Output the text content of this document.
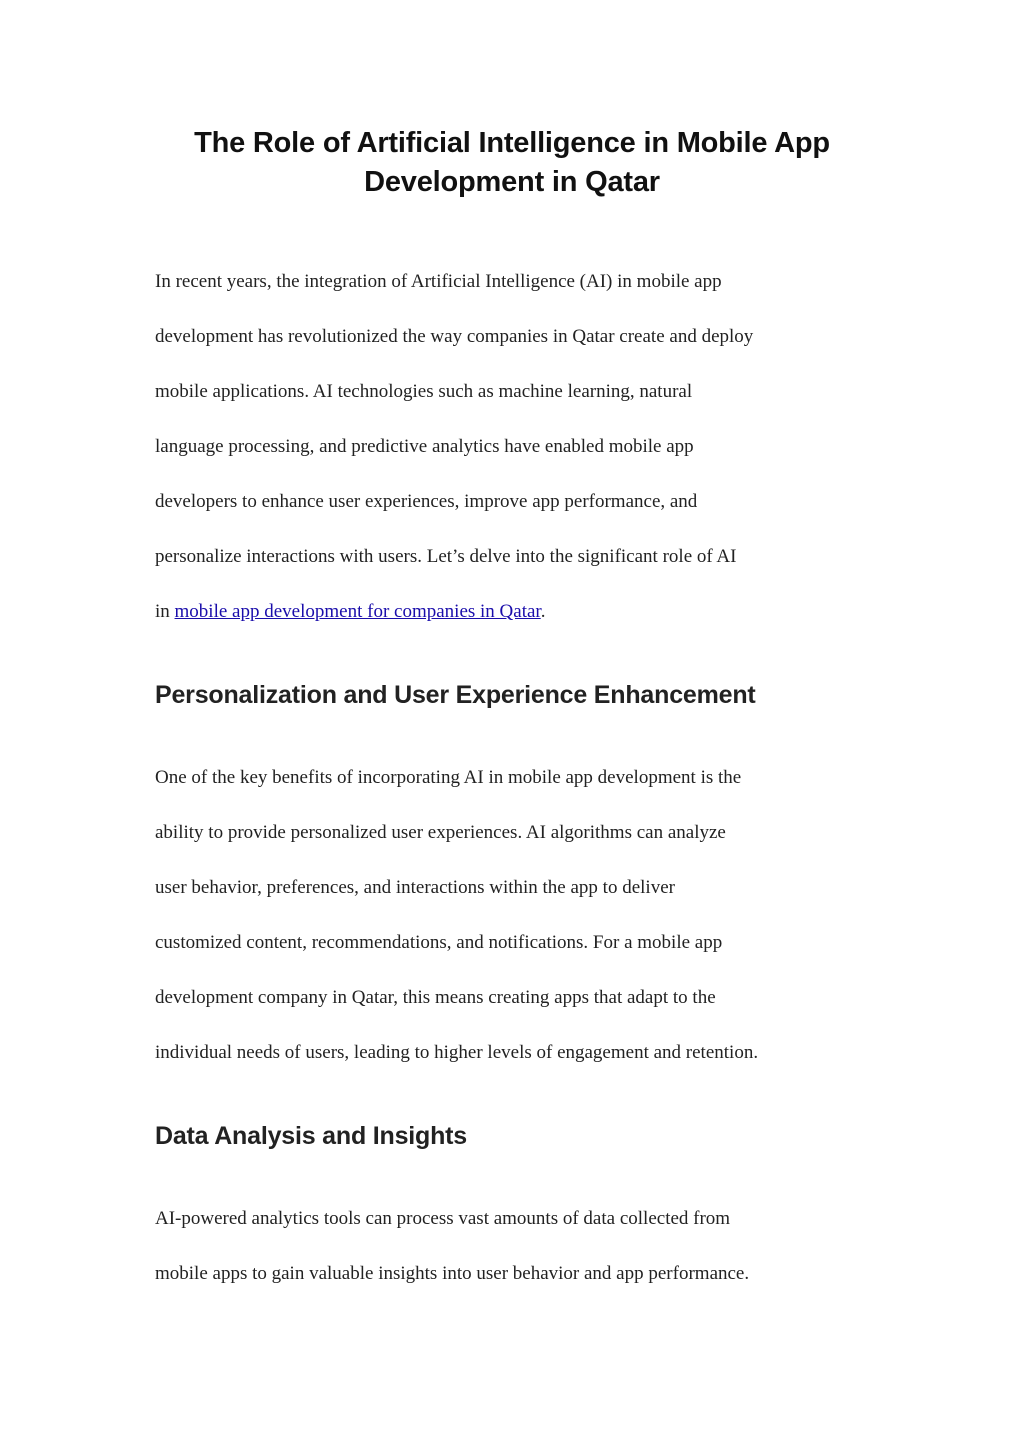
The Role of Artificial Intelligence in Mobile App
Development in Qatar

In recent years, the integration of Artificial Intelligence (AI) in mobile app
development has revolutionized the way companies in Qatar create and deploy
mobile applications. AI technologies such as machine learning, natural
language processing, and predictive analytics have enabled mobile app
developers to enhance user experiences, improve app performance, and
personalize interactions with users. Let’s delve into the significant role of AI
in mobile app development for companies in Qatar.

Personalization and User Experience Enhancement

One of the key benefits of incorporating AI in mobile app development is the
ability to provide personalized user experiences. AI algorithms can analyze
user behavior, preferences, and interactions within the app to deliver
customized content, recommendations, and notifications. For a mobile app
development company in Qatar, this means creating apps that adapt to the
individual needs of users, leading to higher levels of engagement and retention.

Data Analysis and Insights

AI-powered analytics tools can process vast amounts of data collected from
mobile apps to gain valuable insights into user behavior and app performance.
